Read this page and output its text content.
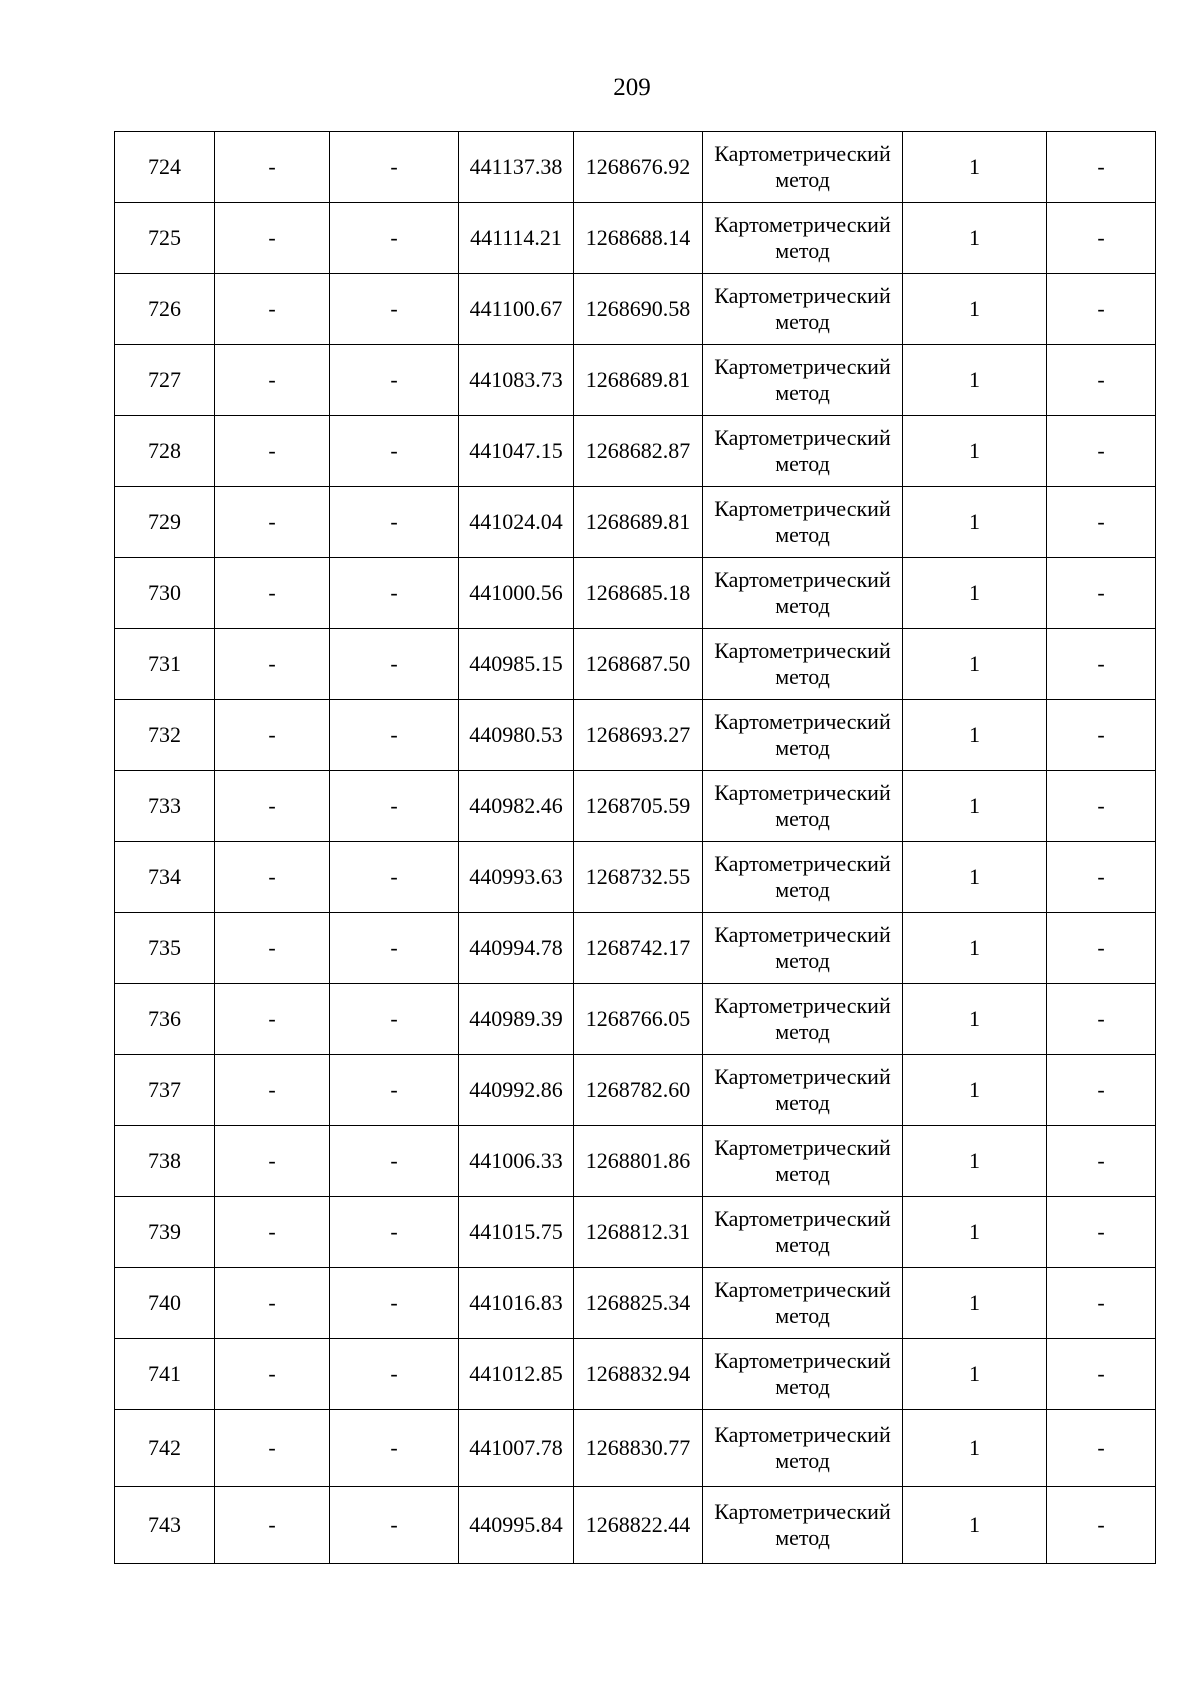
209
724	-	-	441137.38	1268676.92	Картометрический
метод	1	-
725	-	-	441114.21	1268688.14	Картометрический
метод	1	-
726	-	-	441100.67	1268690.58	Картометрический
метод	1	-
727	-	-	441083.73	1268689.81	Картометрический
метод	1	-
728	-	-	441047.15	1268682.87	Картометрический
метод	1	-
729	-	-	441024.04	1268689.81	Картометрический
метод	1	-
730	-	-	441000.56	1268685.18	Картометрический
метод	1	-
731	-	-	440985.15	1268687.50	Картометрический
метод	1	-
732	-	-	440980.53	1268693.27	Картометрический
метод	1	-
733	-	-	440982.46	1268705.59	Картометрический
метод	1	-
734	-	-	440993.63	1268732.55	Картометрический
метод	1	-
735	-	-	440994.78	1268742.17	Картометрический
метод	1	-
736	-	-	440989.39	1268766.05	Картометрический
метод	1	-
737	-	-	440992.86	1268782.60	Картометрический
метод	1	-
738	-	-	441006.33	1268801.86	Картометрический
метод	1	-
739	-	-	441015.75	1268812.31	Картометрический
метод	1	-
740	-	-	441016.83	1268825.34	Картометрический
метод	1	-
741	-	-	441012.85	1268832.94	Картометрический
метод	1	-
742	-	-	441007.78	1268830.77	Картометрический
метод	1	-
743	-	-	440995.84	1268822.44	Картометрический
метод	1	-
